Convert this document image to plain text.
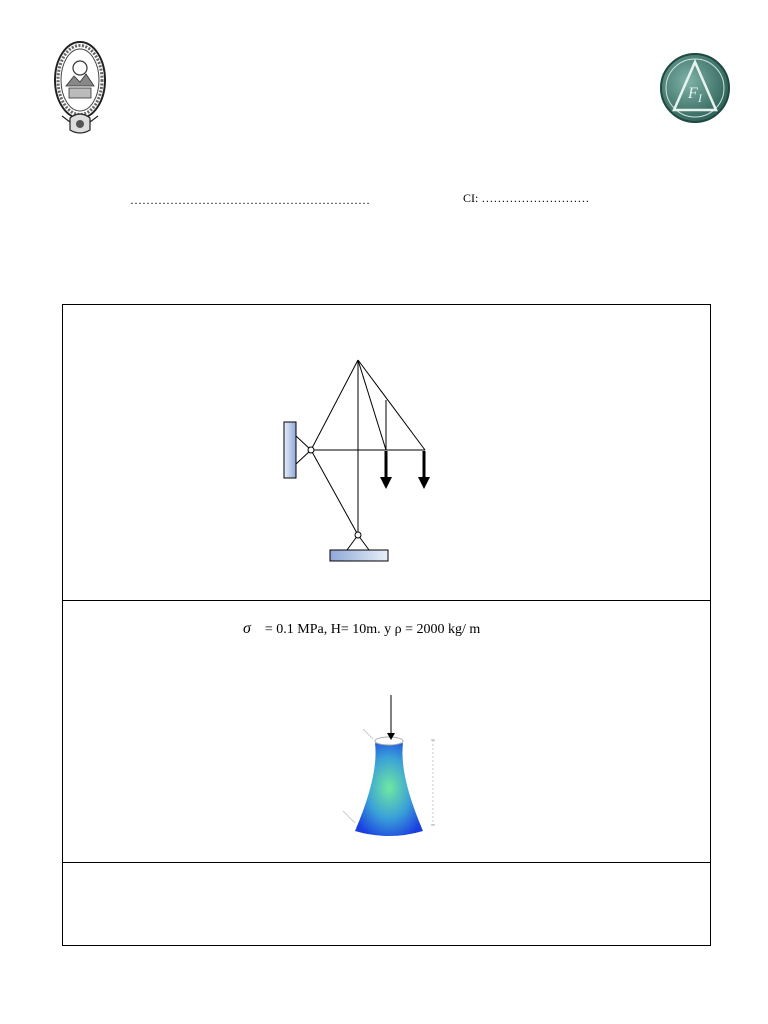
F I
……………………………………………………	CI: ………………………
σ = 0.1 MPa, H= 10m. y ρ = 2000 kg/ m
